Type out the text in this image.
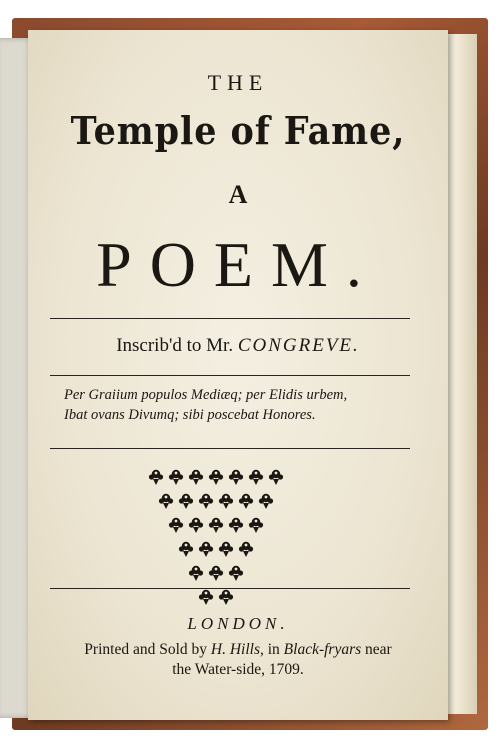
THE
Temple of Fame,
A
POEM.
Inscrib'd to Mr. CONGREVE.
Per Graiium populos Mediæq; per Elidis urbem,
Ibat ovans Divumq; sibi poscebat Honores.
LONDON.
Printed and Sold by H. Hills, in Black-fryars near
the Water-side, 1709.
